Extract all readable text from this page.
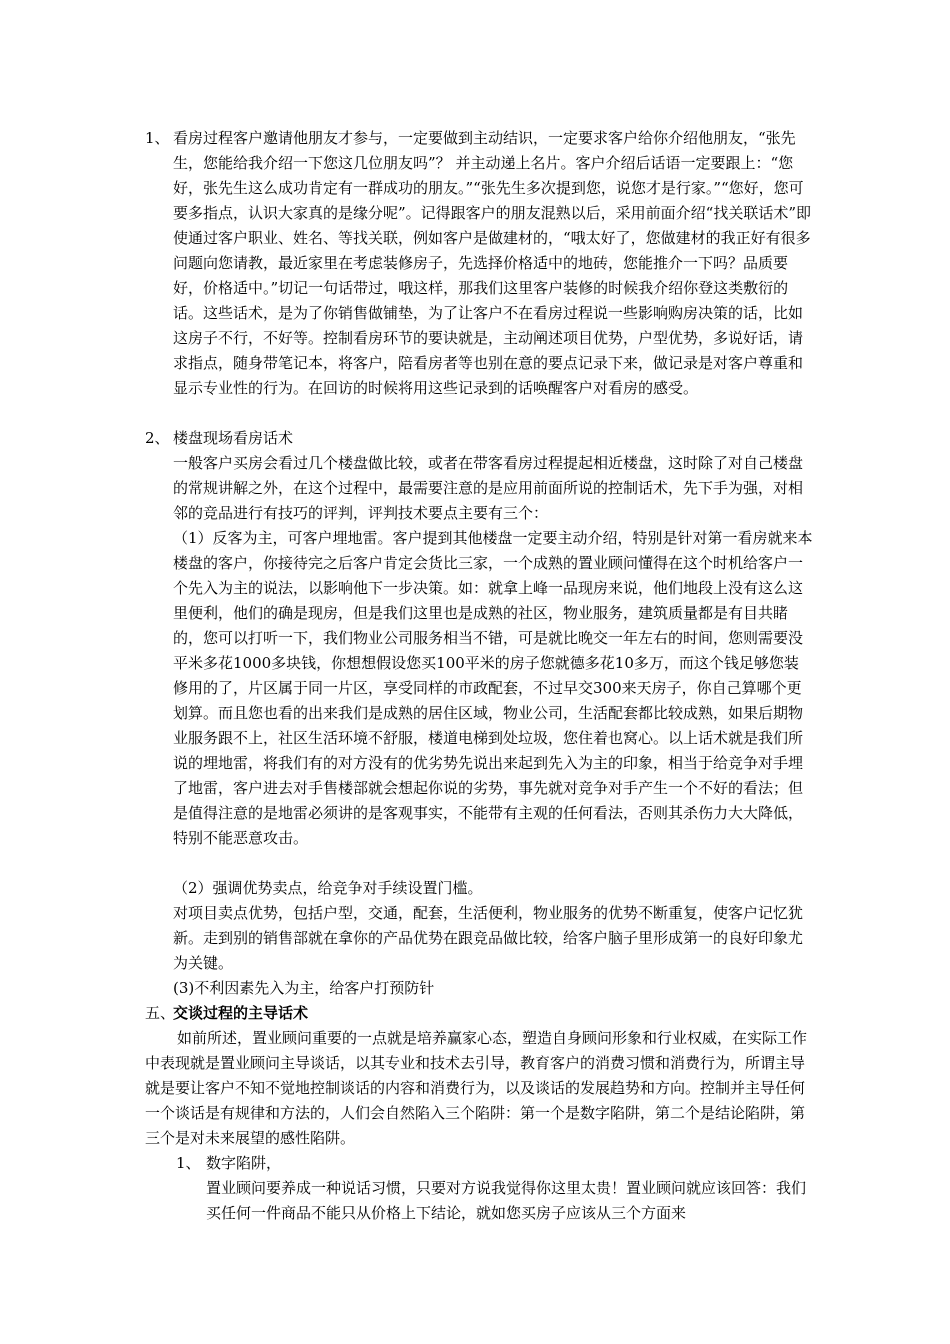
1、 看房过程客户邀请他朋友才参与，一定要做到主动结识，一定要求客户给你介绍他朋友，“张先生，您能给我介绍一下您这几位朋友吗”？ 并主动递上名片。客户介绍后话语一定要跟上：“您好，张先生这么成功肯定有一群成功的朋友。”“张先生多次提到您，说您才是行家。”“您好，您可要多指点，认识大家真的是缘分呢”。记得跟客户的朋友混熟以后，采用前面介绍“找关联话术”即使通过客户职业、姓名、等找关联，例如客户是做建材的，“哦太好了，您做建材的我正好有很多问题向您请教，最近家里在考虑装修房子，先选择价格适中的地砖，您能推介一下吗？品质要好，价格适中。”切记一句话带过，哦这样，那我们这里客户装修的时候我介绍你登这类敷衍的话。这些话术，是为了你销售做铺垫，为了让客户不在看房过程说一些影响购房决策的话，比如这房子不行，不好等。控制看房环节的要诀就是，主动阐述项目优势，户型优势，多说好话，请求指点，随身带笔记本，将客户，陪看房者等也别在意的要点记录下来，做记录是对客户尊重和显示专业性的行为。在回访的时候将用这些记录到的话唤醒客户对看房的感受。

2、 楼盘现场看房话术

一般客户买房会看过几个楼盘做比较，或者在带客看房过程提起相近楼盘，这时除了对自己楼盘的常规讲解之外，在这个过程中，最需要注意的是应用前面所说的控制话术，先下手为强，对相邻的竞品进行有技巧的评判，评判技术要点主要有三个：

（1）反客为主，可客户埋地雷。客户提到其他楼盘一定要主动介绍，特别是针对第一看房就来本楼盘的客户，你接待完之后客户肯定会货比三家，一个成熟的置业顾问懂得在这个时机给客户一个先入为主的说法，以影响他下一步决策。如：就拿上峰一品现房来说，他们地段上没有这么这里便利，他们的确是现房，但是我们这里也是成熟的社区，物业服务，建筑质量都是有目共睹的，您可以打听一下，我们物业公司服务相当不错，可是就比晚交一年左右的时间，您则需要没平米多花1000多块钱，你想想假设您买100平米的房子您就德多花10多万，而这个钱足够您装修用的了，片区属于同一片区，享受同样的市政配套，不过早交300来天房子，你自己算哪个更划算。而且您也看的出来我们是成熟的居住区域，物业公司，生活配套都比较成熟，如果后期物业服务跟不上，社区生活环境不舒服，楼道电梯到处垃圾，您住着也窝心。以上话术就是我们所说的埋地雷，将我们有的对方没有的优劣势先说出来起到先入为主的印象，相当于给竞争对手埋了地雷，客户进去对手售楼部就会想起你说的劣势，事先就对竞争对手产生一个不好的看法；但是值得注意的是地雷必须讲的是客观事实，不能带有主观的任何看法，否则其杀伤力大大降低，特别不能恶意攻击。

（2）强调优势卖点，给竞争对手续设置门槛。

对项目卖点优势，包括户型，交通，配套，生活便利，物业服务的优势不断重复，使客户记忆犹新。走到别的销售部就在拿你的产品优势在跟竞品做比较，给客户脑子里形成第一的良好印象尤为关键。

(3)不利因素先入为主，给客户打预防针

五、

交谈过程的主导话术

如前所述，置业顾问重要的一点就是培养赢家心态，塑造自身顾问形象和行业权威，在实际工作中表现就是置业顾问主导谈话，以其专业和技术去引导，教育客户的消费习惯和消费行为，所谓主导就是要让客户不知不觉地控制谈话的内容和消费行为，以及谈话的发展趋势和方向。控制并主导任何一个谈话是有规律和方法的，人们会自然陷入三个陷阱：第一个是数字陷阱，第二个是结论陷阱，第三个是对未来展望的感性陷阱。

1、 数字陷阱，

置业顾问要养成一种说话习惯，只要对方说我觉得你这里太贵！置业顾问就应该回答：我们买任何一件商品不能只从价格上下结论，就如您买房子应该从三个方面来
